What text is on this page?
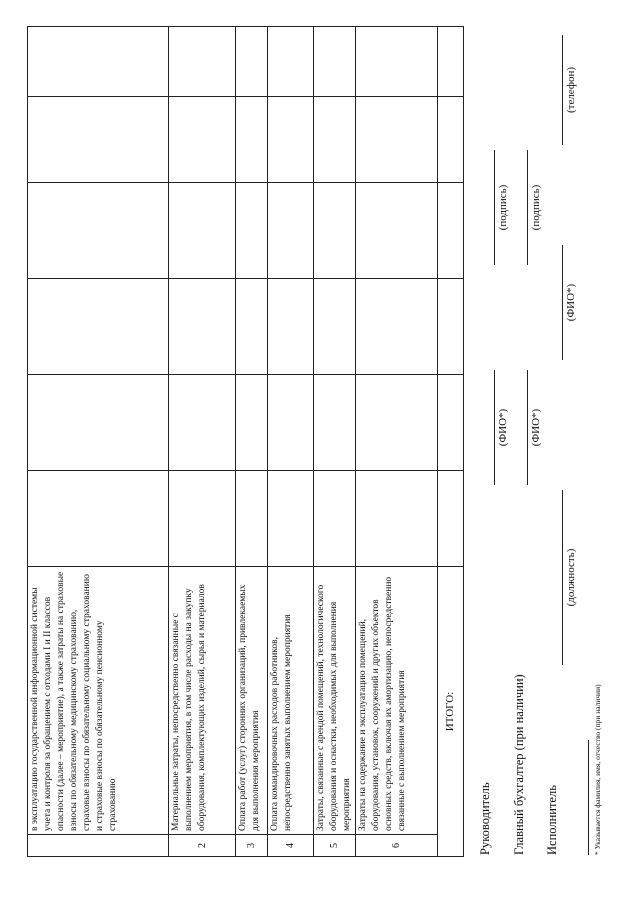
	в эксплуатацию государственной информационной системы учета и контроля за обращением с отходами I и II классов опасности (далее – мероприятие), а также затраты на страховые взносы по обязательному медицинскому страхованию, страховые взносы по обязательному социальному страхованию и страховые взносы по обязательному пенсионному страхованию						
2	Материальные затраты, непосредственно связанные с выполнением мероприятия, в том числе расходы на закупку оборудования, комплектующих изделий, сырья и материалов						
3	Оплата работ (услуг) сторонних организаций, привлекаемых для выполнения мероприятия						
4	Оплата командировочных расходов работников, непосредственно занятых выполнением мероприятия						
5	Затраты, связанные с арендой помещений, технологического оборудования и оснастки, необходимых для выполнения мероприятия						
6	Затраты на содержание и эксплуатацию помещений, оборудования, установок, сооружений и других объектов основных средств, включая их амортизацию, непосредственно связанные с выполнением мероприятия						
ИТОГО:							
Руководитель
(ФИО*)
(подпись)
Главный бухгалтер (при наличии)
(ФИО*)
(подпись)
Исполнитель
(должность)
(ФИО*)
(телефон)
* Указывается фамилия, имя, отчество (при наличии)
